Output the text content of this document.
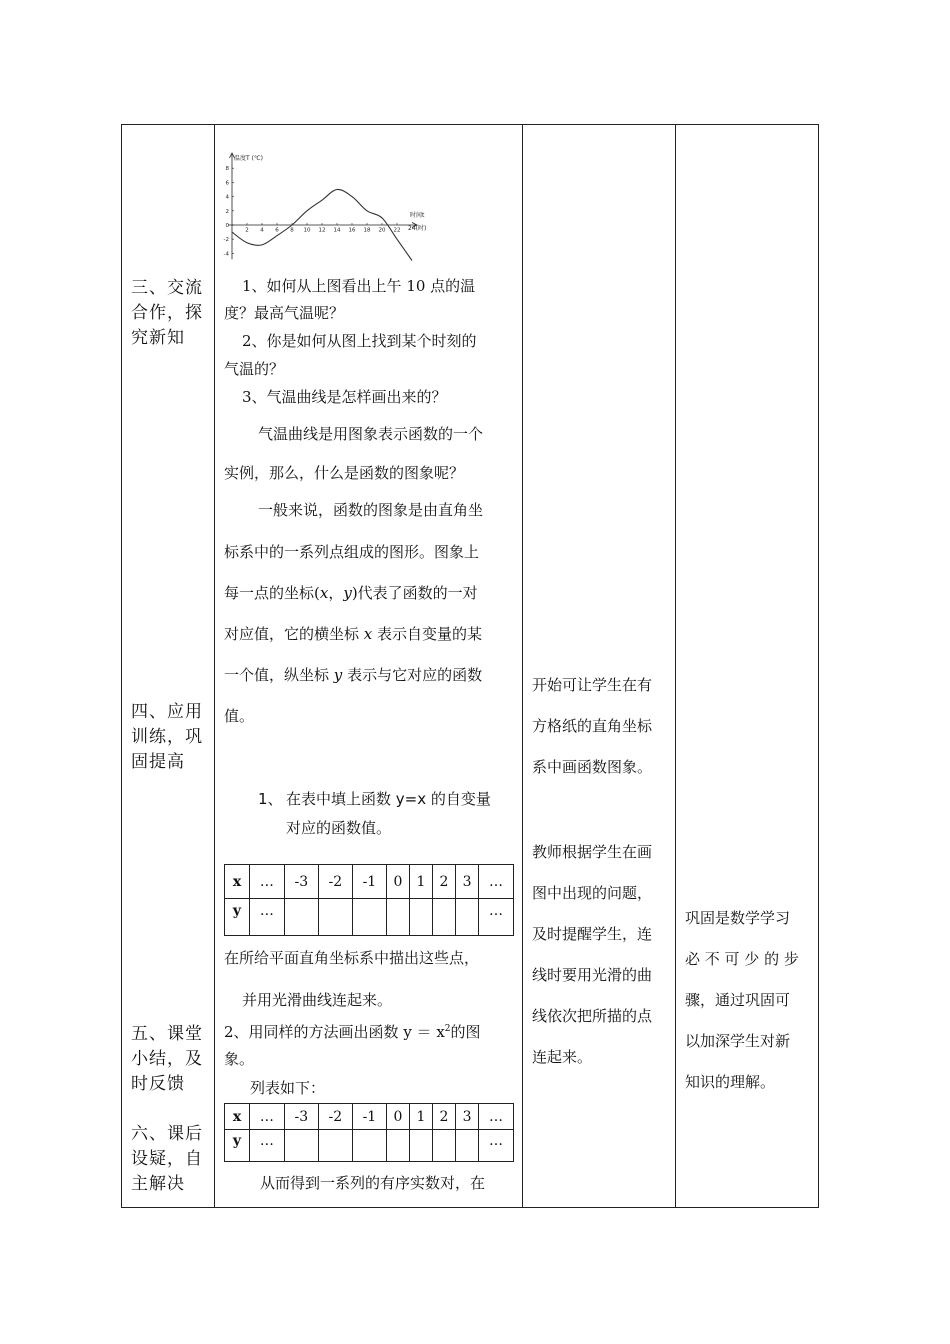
三、交流合作，探究新知
四、应用训练，巩固提高
五、课堂小结，及时反馈
六、课后设疑，自主解决
2 4 6 8 10 12 14 16 18 20 22
8
6
4
2
0
-2
-4
温度T (℃)
时间t
24(时)
1、如何从上图看出上午 10 点的温
度？最高气温呢？
2、你是如何从图上找到某个时刻的
气温的？
3、气温曲线是怎样画出来的？
气温曲线是用图象表示函数的一个
实例，那么，什么是函数的图象呢？
一般来说，函数的图象是由直角坐
标系中的一系列点组成的图形。图象上
每一点的坐标(x，y)代表了函数的一对
对应值，它的横坐标 x 表示自变量的某
一个值，纵坐标 y 表示与它对应的函数
值。
1、 在表中填上函数 y=x 的自变量
对应的函数值。
x	…	-3	-2	-1	0	1	2	3	…
y	…								…
在所给平面直角坐标系中描出这些点，
并用光滑曲线连起来。
2、用同样的方法画出函数 $y = x^2$的图
象。
列表如下：
x	…	-3	-2	-1	0	1	2	3	…
y	…								…
从而得到一系列的有序实数对，在
开始可让学生在有
方格纸的直角坐标
系中画函数图象。
教师根据学生在画
图中出现的问题，
及时提醒学生，连
线时要用光滑的曲
线依次把所描的点
连起来。
巩固是数学学习
必 不 可 少 的 步
骤，通过巩固可
以加深学生对新
知识的理解。
